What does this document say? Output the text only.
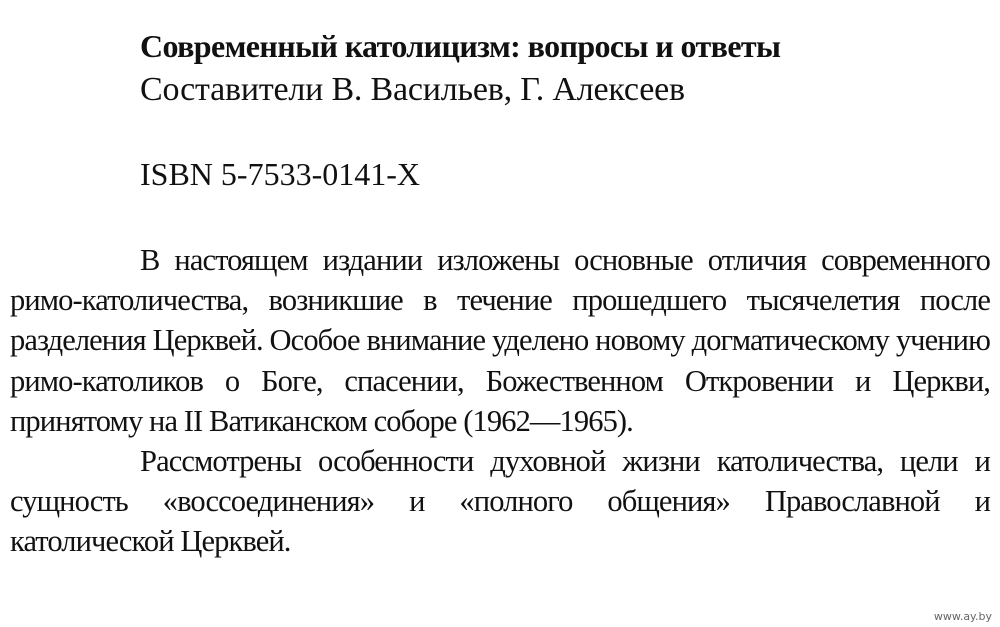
Современный католицизм: вопросы и ответы
Составители В. Васильев, Г. Алексеев
ISBN 5-7533-0141-X

В настоящем издании изложены основные отличия современного римо-католичества, возникшие в течение прошедшего тысячелетия после разделения Церквей. Особое внимание уделено новому догматическому учению римо-католиков о Боге, спасении, Божественном Откровении и Церкви, принятому на II Ватиканском соборе (1962—1965).

Рассмотрены особенности духовной жизни католичества, цели и сущность «воссоединения» и «полного общения» Православной и католической Церквей.

www.ay.by
